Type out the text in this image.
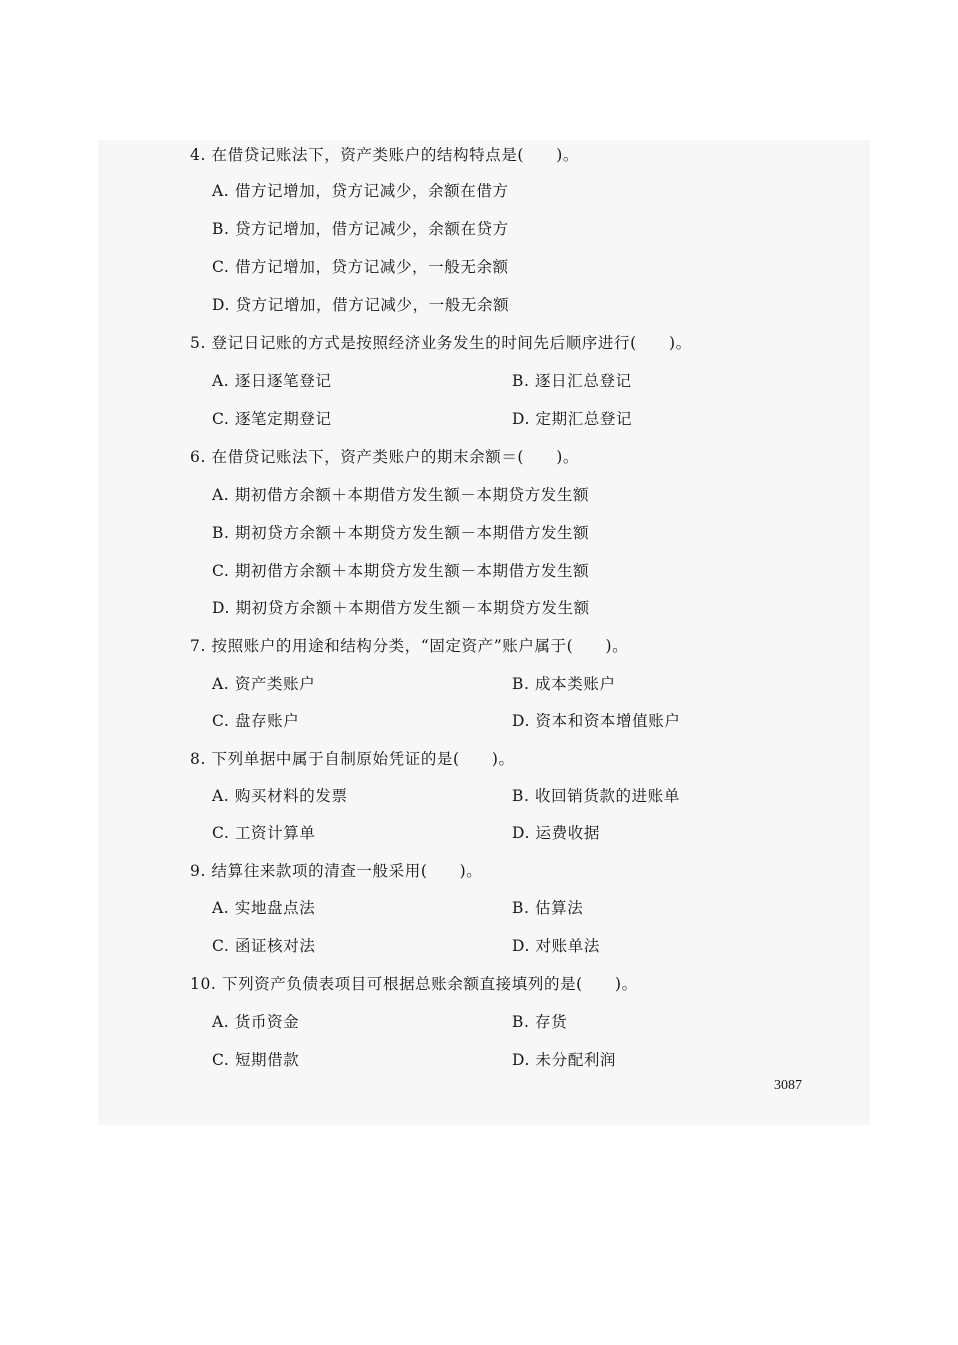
4. 在借贷记账法下，资产类账户的结构特点是(　　)。
A. 借方记增加，贷方记减少，余额在借方
B. 贷方记增加，借方记减少，余额在贷方
C. 借方记增加，贷方记减少，一般无余额
D. 贷方记增加，借方记减少，一般无余额
5. 登记日记账的方式是按照经济业务发生的时间先后顺序进行(　　)。
A. 逐日逐笔登记	B. 逐日汇总登记
C. 逐笔定期登记	D. 定期汇总登记
6. 在借贷记账法下，资产类账户的期末余额＝(　　)。
A. 期初借方余额＋本期借方发生额－本期贷方发生额
B. 期初贷方余额＋本期贷方发生额－本期借方发生额
C. 期初借方余额＋本期贷方发生额－本期借方发生额
D. 期初贷方余额＋本期借方发生额－本期贷方发生额
7. 按照账户的用途和结构分类，“固定资产”账户属于(　　)。
A. 资产类账户	B. 成本类账户
C. 盘存账户	D. 资本和资本增值账户
8. 下列单据中属于自制原始凭证的是(　　)。
A. 购买材料的发票	B. 收回销货款的进账单
C. 工资计算单	D. 运费收据
9. 结算往来款项的清查一般采用(　　)。
A. 实地盘点法	B. 估算法
C. 函证核对法	D. 对账单法
10. 下列资产负债表项目可根据总账余额直接填列的是(　　)。
A. 货币资金	B. 存货
C. 短期借款	D. 未分配利润
3087
